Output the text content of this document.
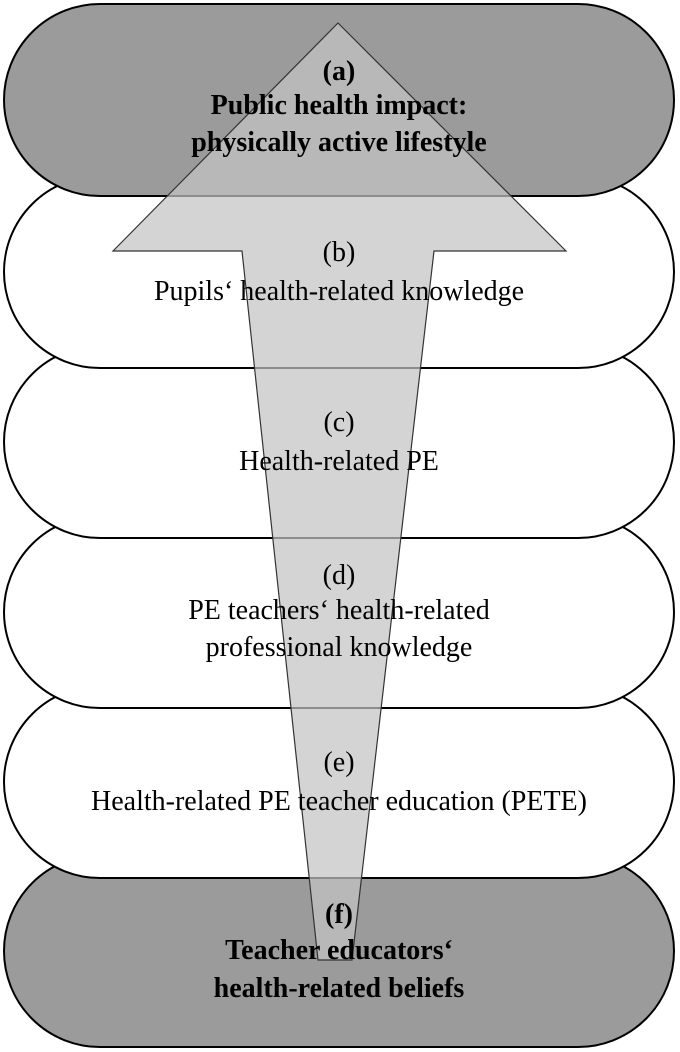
(a)
Public health impact:
physically active lifestyle
(b)
Pupils‘ health-related knowledge
(c)
Health-related PE
(d)
PE teachers‘ health-related
professional knowledge
(e)
Health-related PE teacher education (PETE)
(f)
Teacher educators‘
health-related beliefs
